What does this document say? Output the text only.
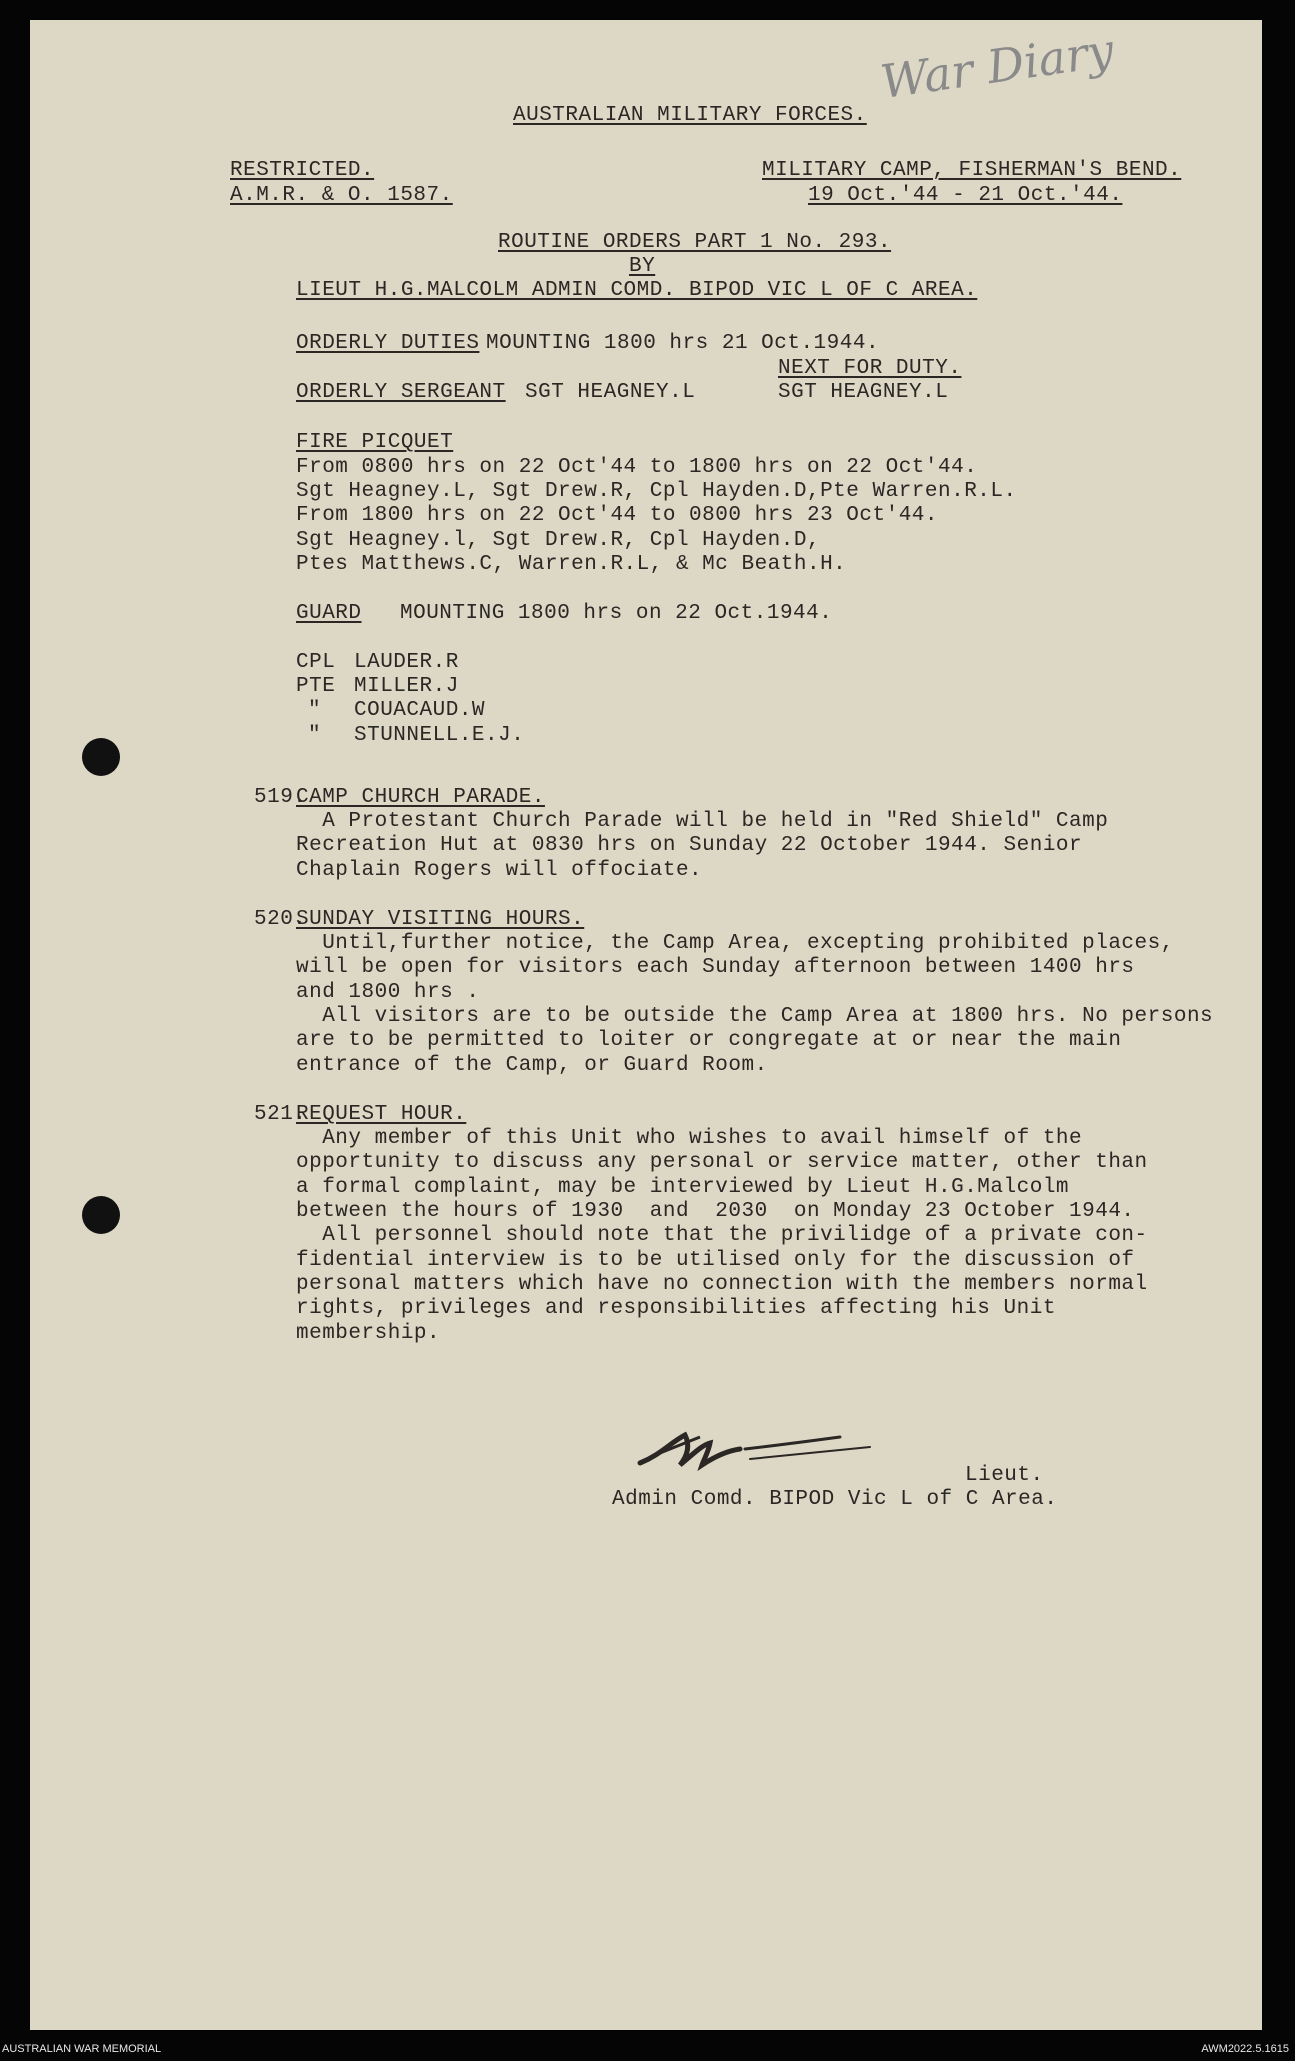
War Diary
AUSTRALIAN MILITARY FORCES.
RESTRICTED.
A.M.R. & O. 1587.
MILITARY CAMP, FISHERMAN'S BEND.
19 Oct.'44 - 21 Oct.'44.
ROUTINE ORDERS PART 1 No. 293.
BY
LIEUT H.G.MALCOLM ADMIN COMD. BIPOD VIC L OF C AREA.
ORDERLY DUTIES MOUNTING 1800 hrs 21 Oct.1944.
NEXT FOR DUTY.
ORDERLY SERGEANT SGT HEAGNEY.L	SGT HEAGNEY.L
FIRE PICQUET
From 0800 hrs on 22 Oct'44 to 1800 hrs on 22 Oct'44.
Sgt Heagney.L, Sgt Drew.R, Cpl Hayden.D,Pte Warren.R.L.
From 1800 hrs on 22 Oct'44 to 0800 hrs 23 Oct'44.
Sgt Heagney.l, Sgt Drew.R, Cpl Hayden.D,
Ptes Matthews.C, Warren.R.L, & Mc Beath.H.
GUARD MOUNTING 1800 hrs on 22 Oct.1944.
CPL LAUDER.R
PTE MILLER.J
" COUACAUD.W
" STUNNELL.E.J.
519.
CAMP CHURCH PARADE.
A Protestant Church Parade will be held in "Red Shield" Camp
Recreation Hut at 0830 hrs on Sunday 22 October 1944. Senior
Chaplain Rogers will offociate.
520.
SUNDAY VISITING HOURS.
Until,further notice, the Camp Area, excepting prohibited places,
will be open for visitors each Sunday afternoon between 1400 hrs
and 1800 hrs .
All visitors are to be outside the Camp Area at 1800 hrs. No persons
are to be permitted to loiter or congregate at or near the main
entrance of the Camp, or Guard Room.
521.
REQUEST HOUR.
Any member of this Unit who wishes to avail himself of the
opportunity to discuss any personal or service matter, other than
a formal complaint, may be interviewed by Lieut H.G.Malcolm
between the hours of 1930  and  2030  on Monday 23 October 1944.
All personnel should note that the privilidge of a private con-
fidential interview is to be utilised only for the discussion of
personal matters which have no connection with the members normal
rights, privileges and responsibilities affecting his Unit
membership.
Lieut.
Admin Comd. BIPOD Vic L of C Area.
AUSTRALIAN WAR MEMORIAL	AWM2022.5.1615
